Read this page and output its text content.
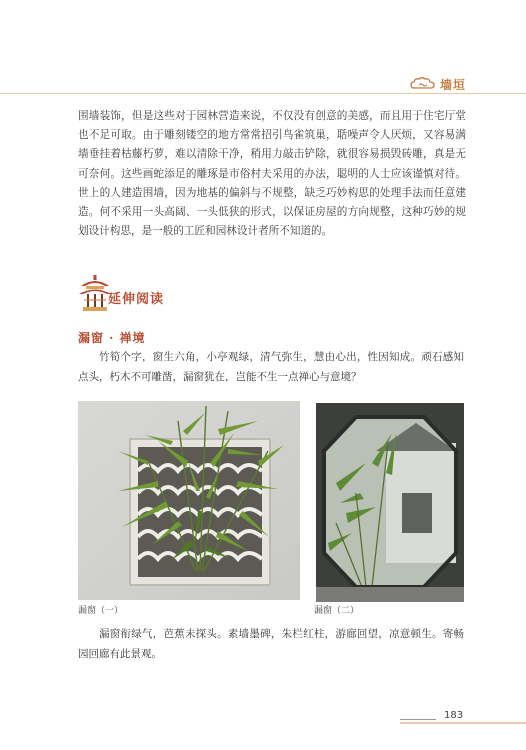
墙垣

围墙装饰，但是这些对于园林营造来说，不仅没有创意的美感，而且用于住宅厅堂也不足可取。由于雕刻镂空的地方常常招引鸟雀筑巢，聒噪声令人厌烦，又容易满墙垂挂着枯藤朽萝，难以清除干净，稍用力敲击铲除，就很容易损毁砖雕，真是无可奈何。这些画蛇添足的雕琢是市俗村夫采用的办法，聪明的人士应该谨慎对待。世上的人建造围墙，因为地基的偏斜与不规整，缺乏巧妙构思的处理手法而任意建造。何不采用一头高阔、一头低狭的形式，以保证房屋的方向规整，这种巧妙的规划设计构思，是一般的工匠和园林设计者所不知道的。

延伸阅读
漏窗 · 禅境

竹筍个字，窗生六角，小亭观绿，清气弥生，慧由心出，性因知成。顽石感知点头，朽木不可雕凿，漏窗犹在，岂能不生一点禅心与意境？

漏窗（一）	漏窗（二）

漏窗衔绿气，芭蕉未探头。素墙墨碑，朱栏红柱，游廊回望，凉意顿生。寄畅园回廊有此景观。

183
